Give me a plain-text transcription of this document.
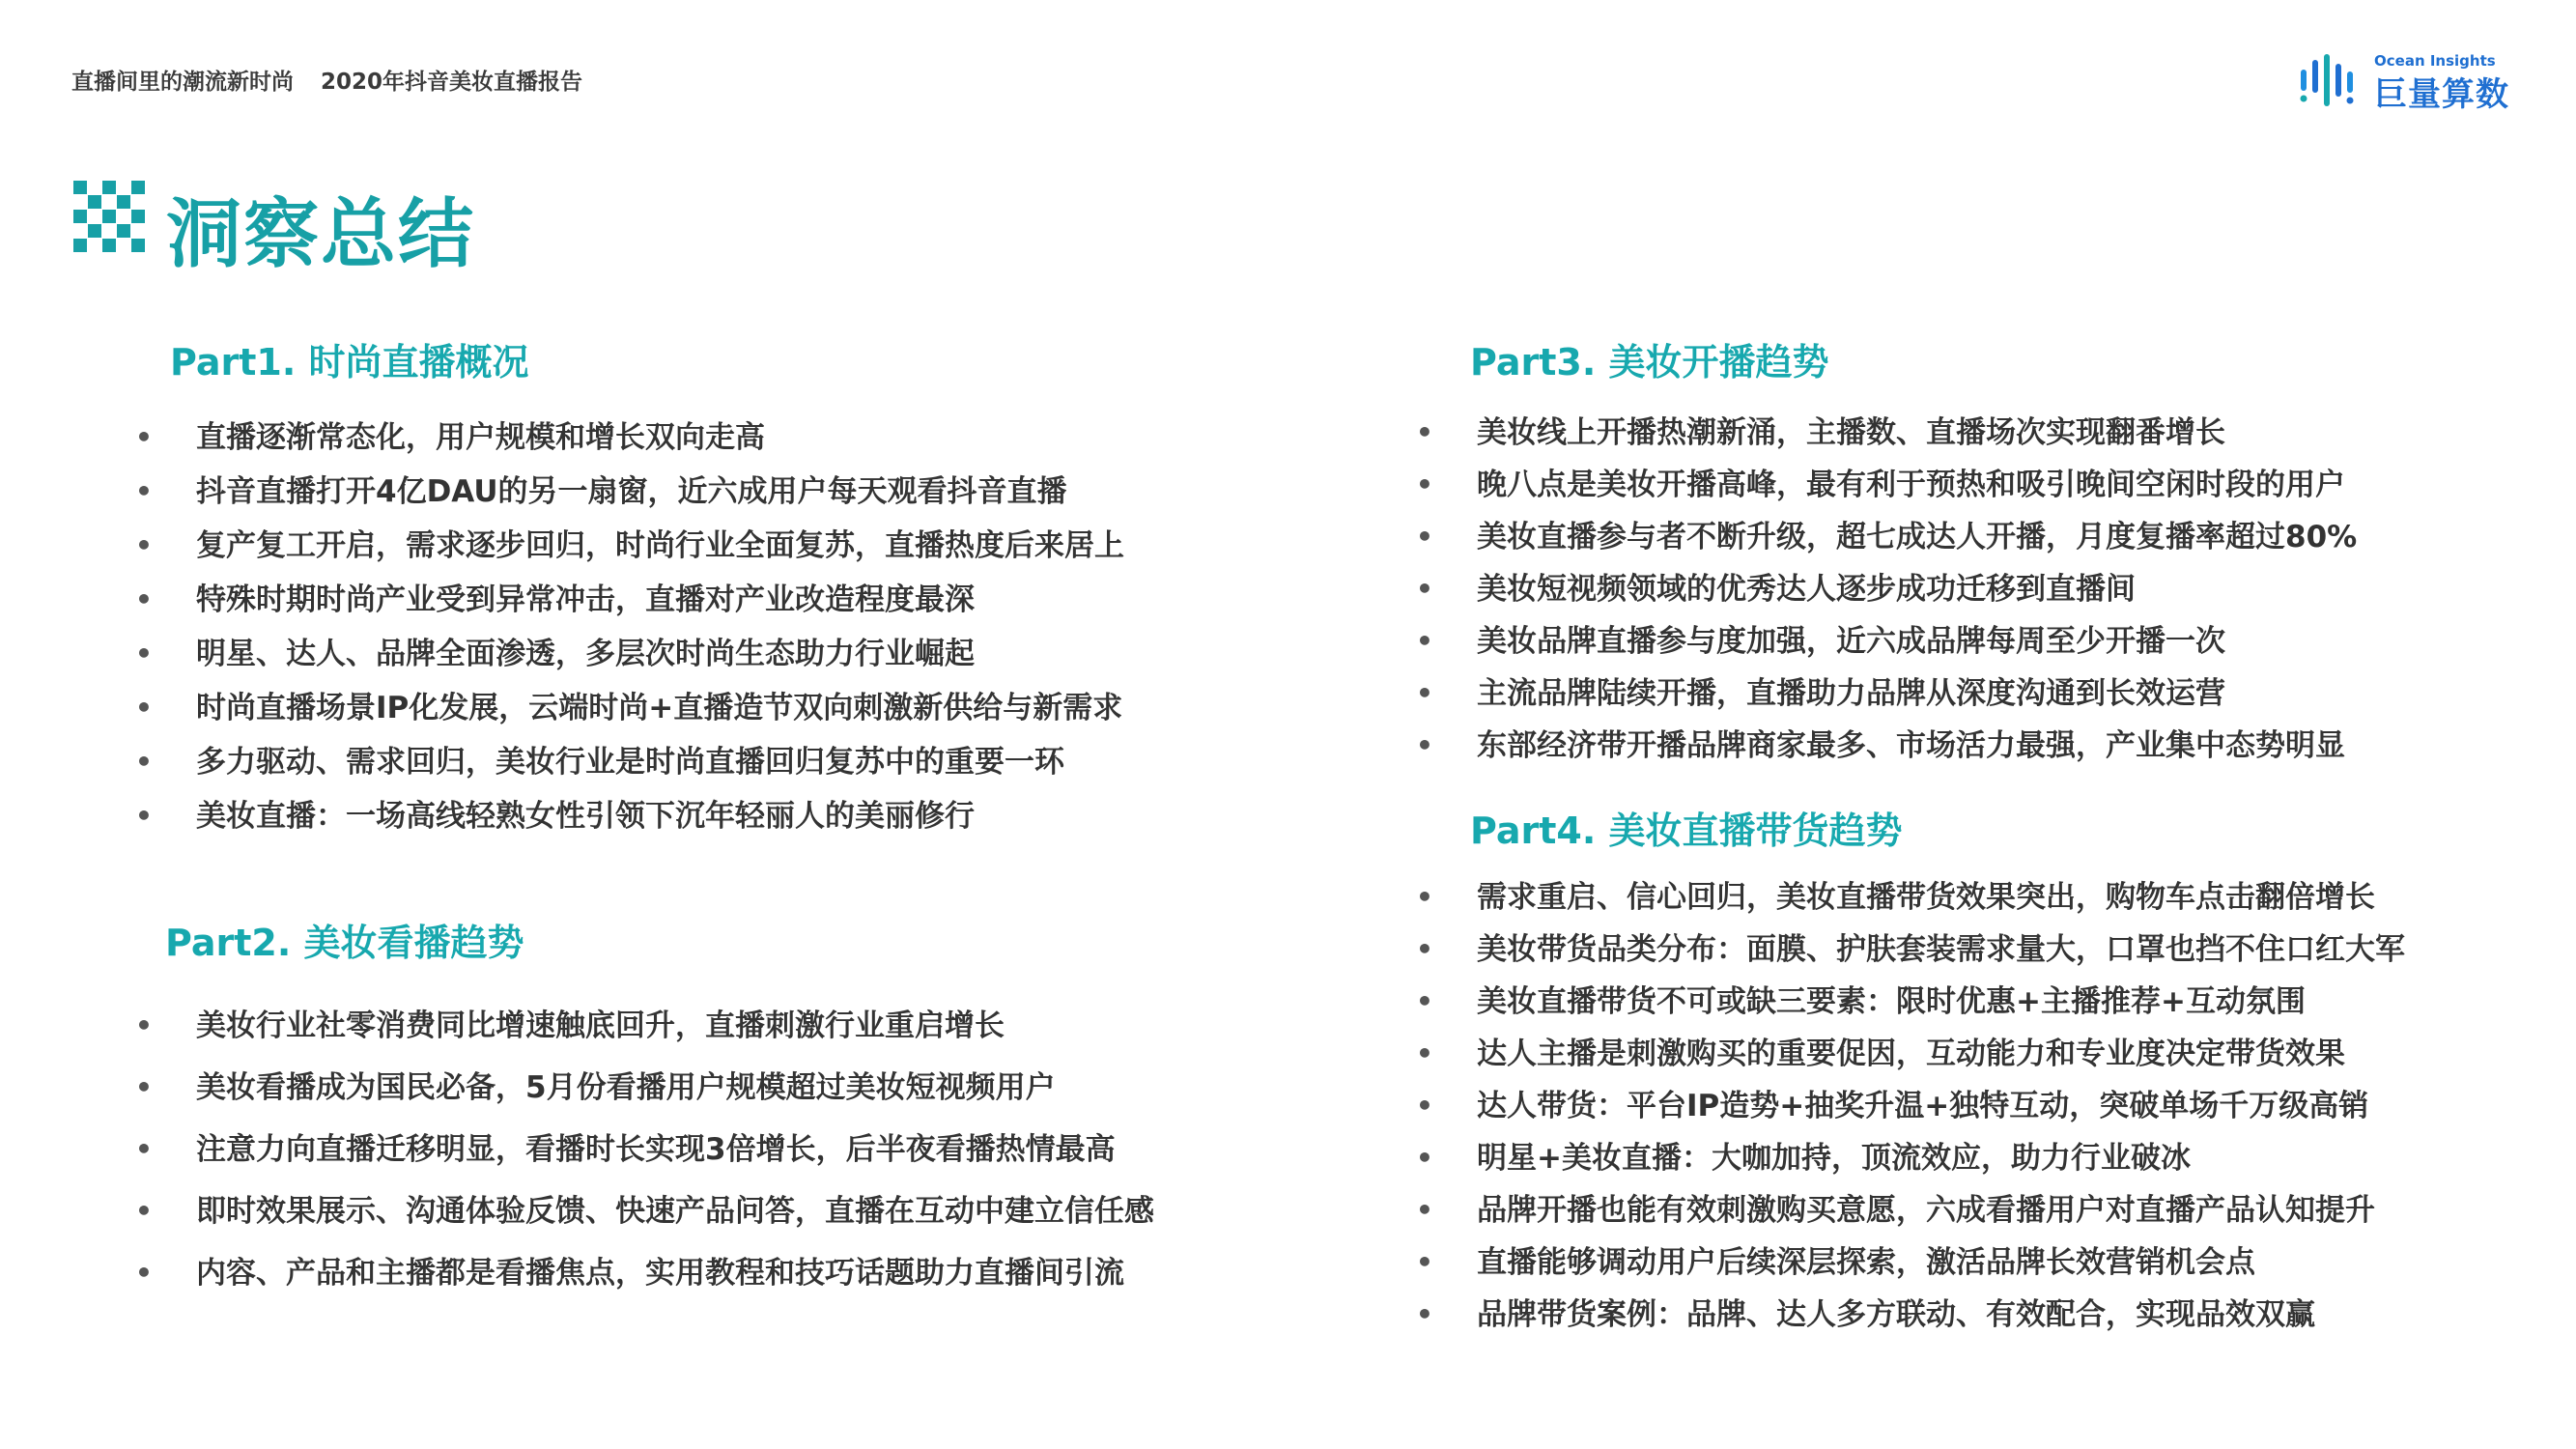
直播间里的潮流新时尚 2020年抖音美妆直播报告
Ocean Insights
巨量算数
洞察总结
Part1. 时尚直播概况
• 直播逐渐常态化，用户规模和增长双向走高
• 抖音直播打开4亿DAU的另一扇窗，近六成用户每天观看抖音直播
• 复产复工开启，需求逐步回归，时尚行业全面复苏，直播热度后来居上
• 特殊时期时尚产业受到异常冲击，直播对产业改造程度最深
• 明星、达人、品牌全面渗透，多层次时尚生态助力行业崛起
• 时尚直播场景IP化发展，云端时尚+直播造节双向刺激新供给与新需求
• 多力驱动、需求回归，美妆行业是时尚直播回归复苏中的重要一环
• 美妆直播：一场高线轻熟女性引领下沉年轻丽人的美丽修行
Part2. 美妆看播趋势
• 美妆行业社零消费同比增速触底回升，直播刺激行业重启增长
• 美妆看播成为国民必备，5月份看播用户规模超过美妆短视频用户
• 注意力向直播迁移明显，看播时长实现3倍增长，后半夜看播热情最高
• 即时效果展示、沟通体验反馈、快速产品问答，直播在互动中建立信任感
• 内容、产品和主播都是看播焦点，实用教程和技巧话题助力直播间引流
Part3. 美妆开播趋势
• 美妆线上开播热潮新涌，主播数、直播场次实现翻番增长
• 晚八点是美妆开播高峰，最有利于预热和吸引晚间空闲时段的用户
• 美妆直播参与者不断升级，超七成达人开播，月度复播率超过80%
• 美妆短视频领域的优秀达人逐步成功迁移到直播间
• 美妆品牌直播参与度加强，近六成品牌每周至少开播一次
• 主流品牌陆续开播，直播助力品牌从深度沟通到长效运营
• 东部经济带开播品牌商家最多、市场活力最强，产业集中态势明显
Part4. 美妆直播带货趋势
• 需求重启、信心回归，美妆直播带货效果突出，购物车点击翻倍增长
• 美妆带货品类分布：面膜、护肤套装需求量大，口罩也挡不住口红大军
• 美妆直播带货不可或缺三要素：限时优惠+主播推荐+互动氛围
• 达人主播是刺激购买的重要促因，互动能力和专业度决定带货效果
• 达人带货：平台IP造势+抽奖升温+独特互动，突破单场千万级高销
• 明星+美妆直播：大咖加持，顶流效应，助力行业破冰
• 品牌开播也能有效刺激购买意愿，六成看播用户对直播产品认知提升
• 直播能够调动用户后续深层探索，激活品牌长效营销机会点
• 品牌带货案例：品牌、达人多方联动、有效配合，实现品效双赢
